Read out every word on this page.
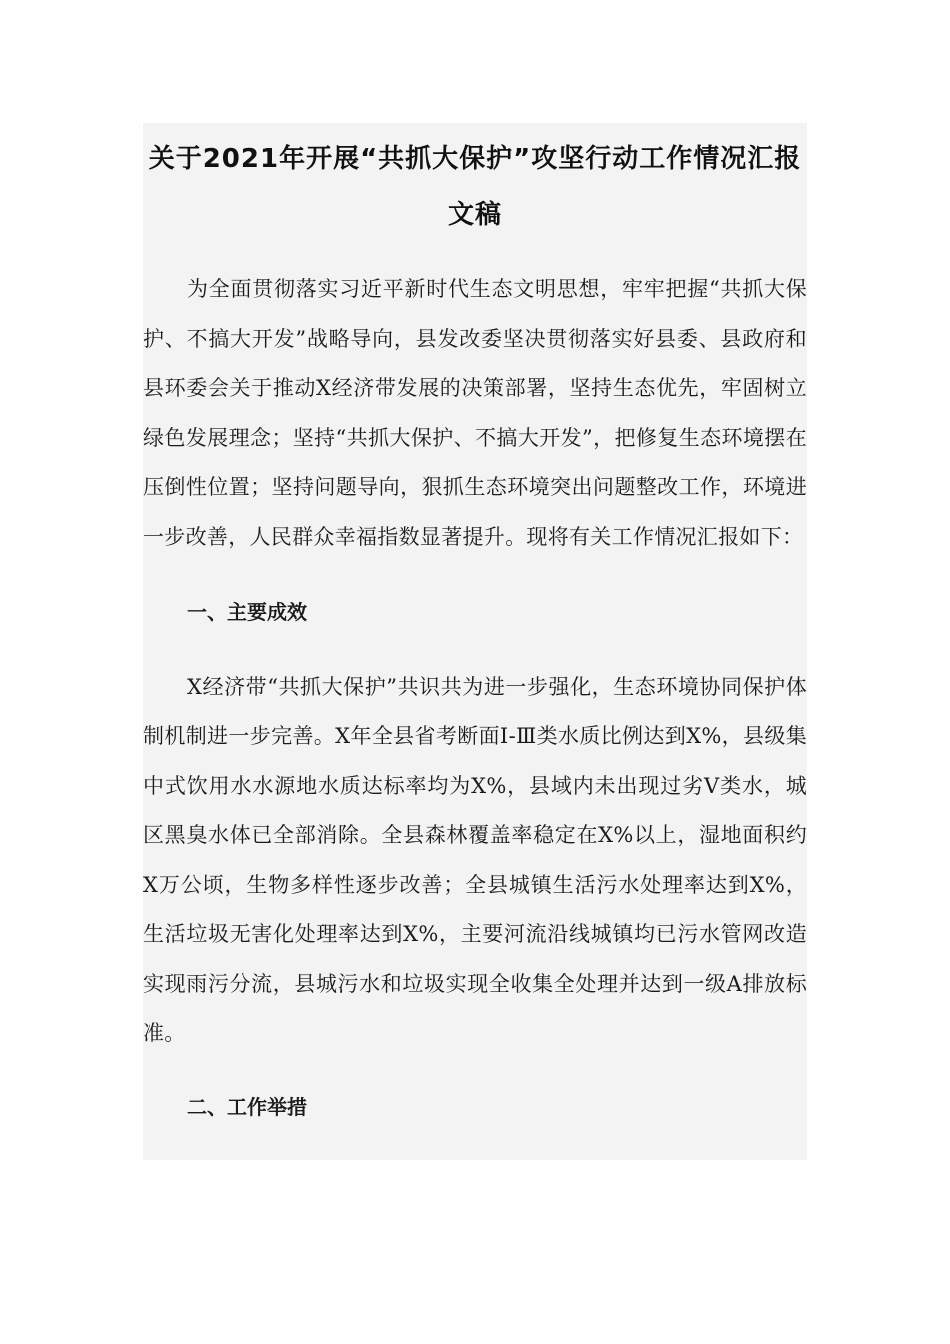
关于2021年开展“共抓大保护”攻坚行动工作情况汇报文稿

为全面贯彻落实习近平新时代生态文明思想，牢牢把握“共抓大保护、不搞大开发”战略导向，县发改委坚决贯彻落实好县委、县政府和县环委会关于推动X经济带发展的决策部署，坚持生态优先，牢固树立绿色发展理念；坚持“共抓大保护、不搞大开发”，把修复生态环境摆在压倒性位置；坚持问题导向，狠抓生态环境突出问题整改工作，环境进一步改善，人民群众幸福指数显著提升。现将有关工作情况汇报如下：

一、主要成效

X经济带“共抓大保护”共识共为进一步强化，生态环境协同保护体制机制进一步完善。X年全县省考断面Ⅰ-Ⅲ类水质比例达到X%，县级集中式饮用水水源地水质达标率均为X%，县域内未出现过劣Ⅴ类水，城区黑臭水体已全部消除。全县森林覆盖率稳定在X%以上，湿地面积约X万公顷，生物多样性逐步改善；全县城镇生活污水处理率达到X%，生活垃圾无害化处理率达到X%，主要河流沿线城镇均已污水管网改造实现雨污分流，县城污水和垃圾实现全收集全处理并达到一级A排放标准。

二、工作举措
